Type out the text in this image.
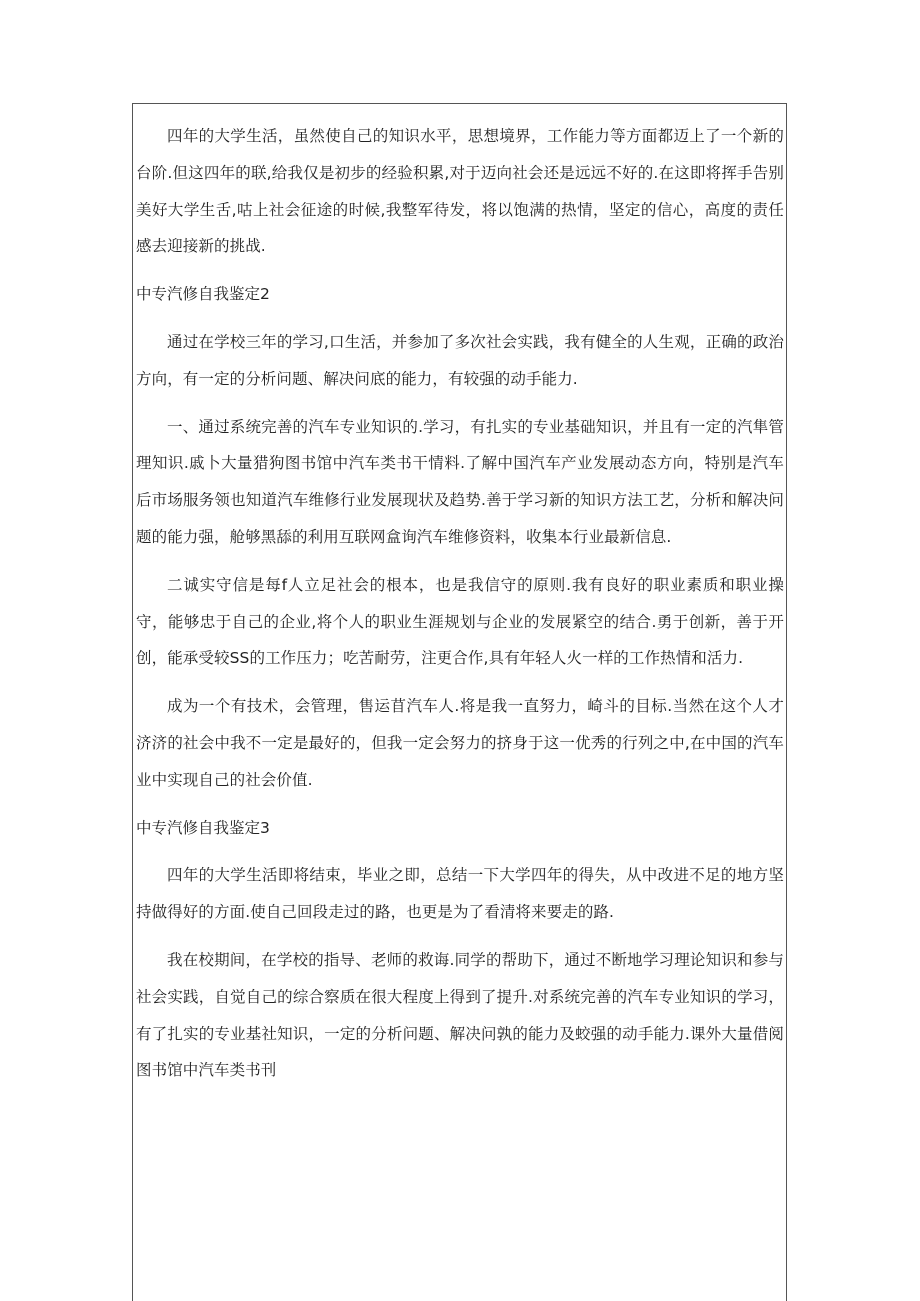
四年的大学生活，虽然使自己的知识水平，思想境界，工作能力等方面都迈上了一个新的台阶.但这四年的联,给我仅是初步的经验积累,对于迈向社会还是远远不好的.在这即将挥手告别美好大学生舌,咕上社会征途的时候,我整军待发，将以饱满的热情，坚定的信心，高度的责任感去迎接新的挑战.

中专汽修自我鉴定2

通过在学校三年的学习,口生活，并参加了多次社会实践，我有健全的人生观，正确的政治方向，有一定的分析问题、解决问底的能力，有较强的动手能力.

一、通过系统完善的汽车专业知识的.学习，有扎实的专业基础知识，并且有一定的汽隼管理知识.戚卜大量猎狗图书馆中汽车类书干情料.了解中国汽车产业发展动态方向，特别是汽车后市场服务领也知道汽车维修行业发展现状及趋势.善于学习新的知识方法工艺，分析和解决问题的能力强，舱够黑舔的利用互联网盒询汽车维修资料，收集本行业最新信息.

二诚实守信是每f人立足社会的根本，也是我信守的原则.我有良好的职业素质和职业操守，能够忠于自己的企业,将个人的职业生涯规划与企业的发展紧空的结合.勇于创新，善于开创，能承受较SS的工作压力；吃苦耐劳，注更合作,具有年轻人火一样的工作热情和活力.

成为一个有技术，会管理，售运苜汽车人.将是我一直努力，崎斗的目标.当然在这个人才济济的社会中我不一定是最好的，但我一定会努力的挤身于这一优秀的行列之中,在中国的汽车业中实现自己的社会价值.

中专汽修自我鉴定3

四年的大学生活即将结束，毕业之即，总结一下大学四年的得失，从中改进不足的地方坚持做得好的方面.使自己回段走过的路，也更是为了看清将来要走的路.

我在校期间，在学校的指导、老师的救诲.同学的帮助下，通过不断地学习理论知识和参与社会实践，自觉自己的综合察质在很大程度上得到了提升.对系统完善的汽车专业知识的学习，有了扎实的专业基社知识，一定的分析问题、解决问孰的能力及蛟强的动手能力.课外大量借阅图书馆中汽车类书刊
